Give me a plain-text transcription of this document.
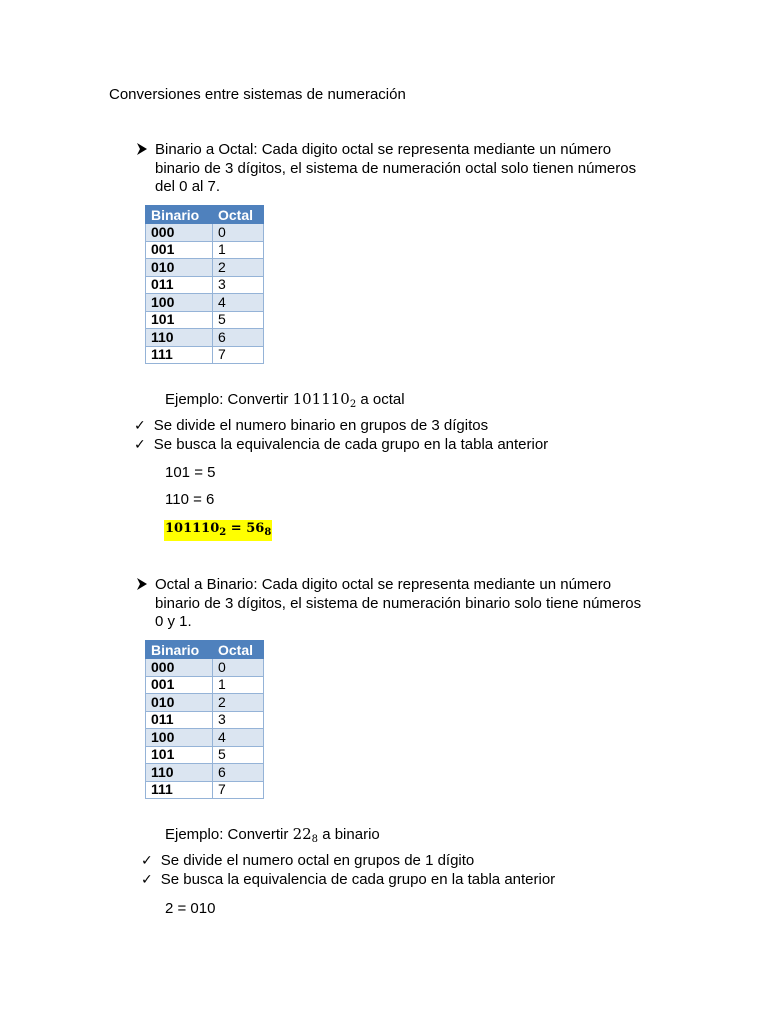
Conversiones entre sistemas de numeración
Binario a Octal: Cada digito octal se representa mediante un número
binario de 3 dígitos, el sistema de numeración octal solo tienen números
del 0 al 7.
Binario	Octal
000	0
001	1
010	2
011	3
100	4
101	5
110	6
111	7
Ejemplo: Convertir $101110_2$ a octal
✓ Se divide el numero binario en grupos de 3 dígitos
✓ Se busca la equivalencia de cada grupo en la tabla anterior
101 = 5
110 = 6
$101110_2 = 56_8$
Octal a Binario: Cada digito octal se representa mediante un número
binario de 3 dígitos, el sistema de numeración binario solo tiene números
0 y 1.
Binario	Octal
000	0
001	1
010	2
011	3
100	4
101	5
110	6
111	7
Ejemplo: Convertir $22_8$ a binario
✓ Se divide el numero octal en grupos de 1 dígito
✓ Se busca la equivalencia de cada grupo en la tabla anterior
2 = 010
